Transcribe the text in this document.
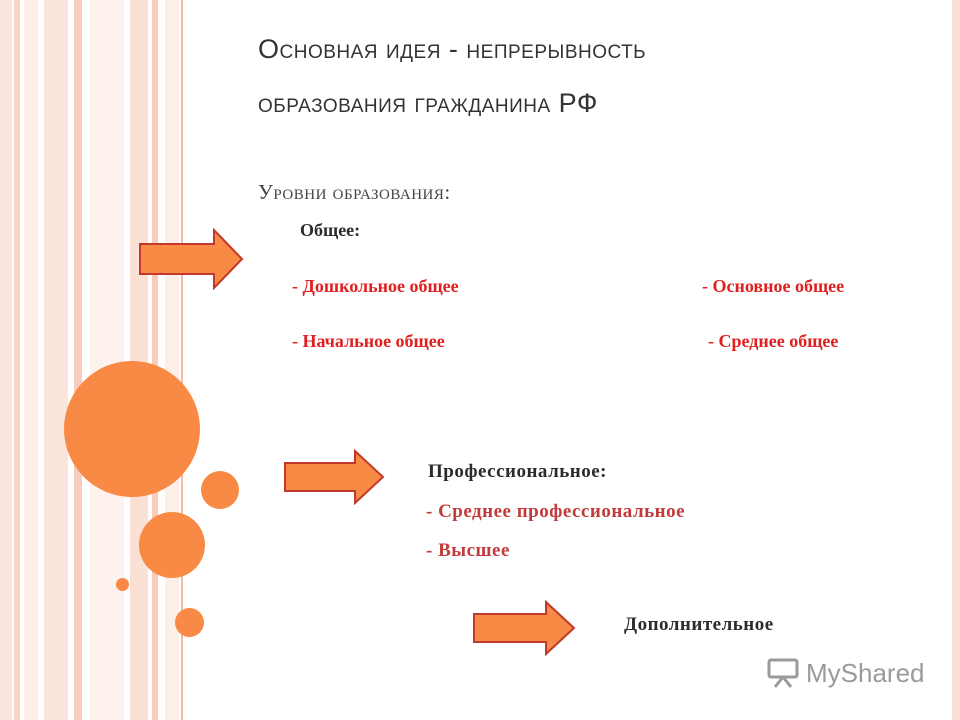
Основная идея - непрерывность
образования гражданина РФ
Уровни образования:
Общее:
- Дошкольное общее	- Основное общее
- Начальное общее	- Среднее общее
Профессиональное:
- Среднее профессиональное
- Высшее
Дополнительное
MyShared
